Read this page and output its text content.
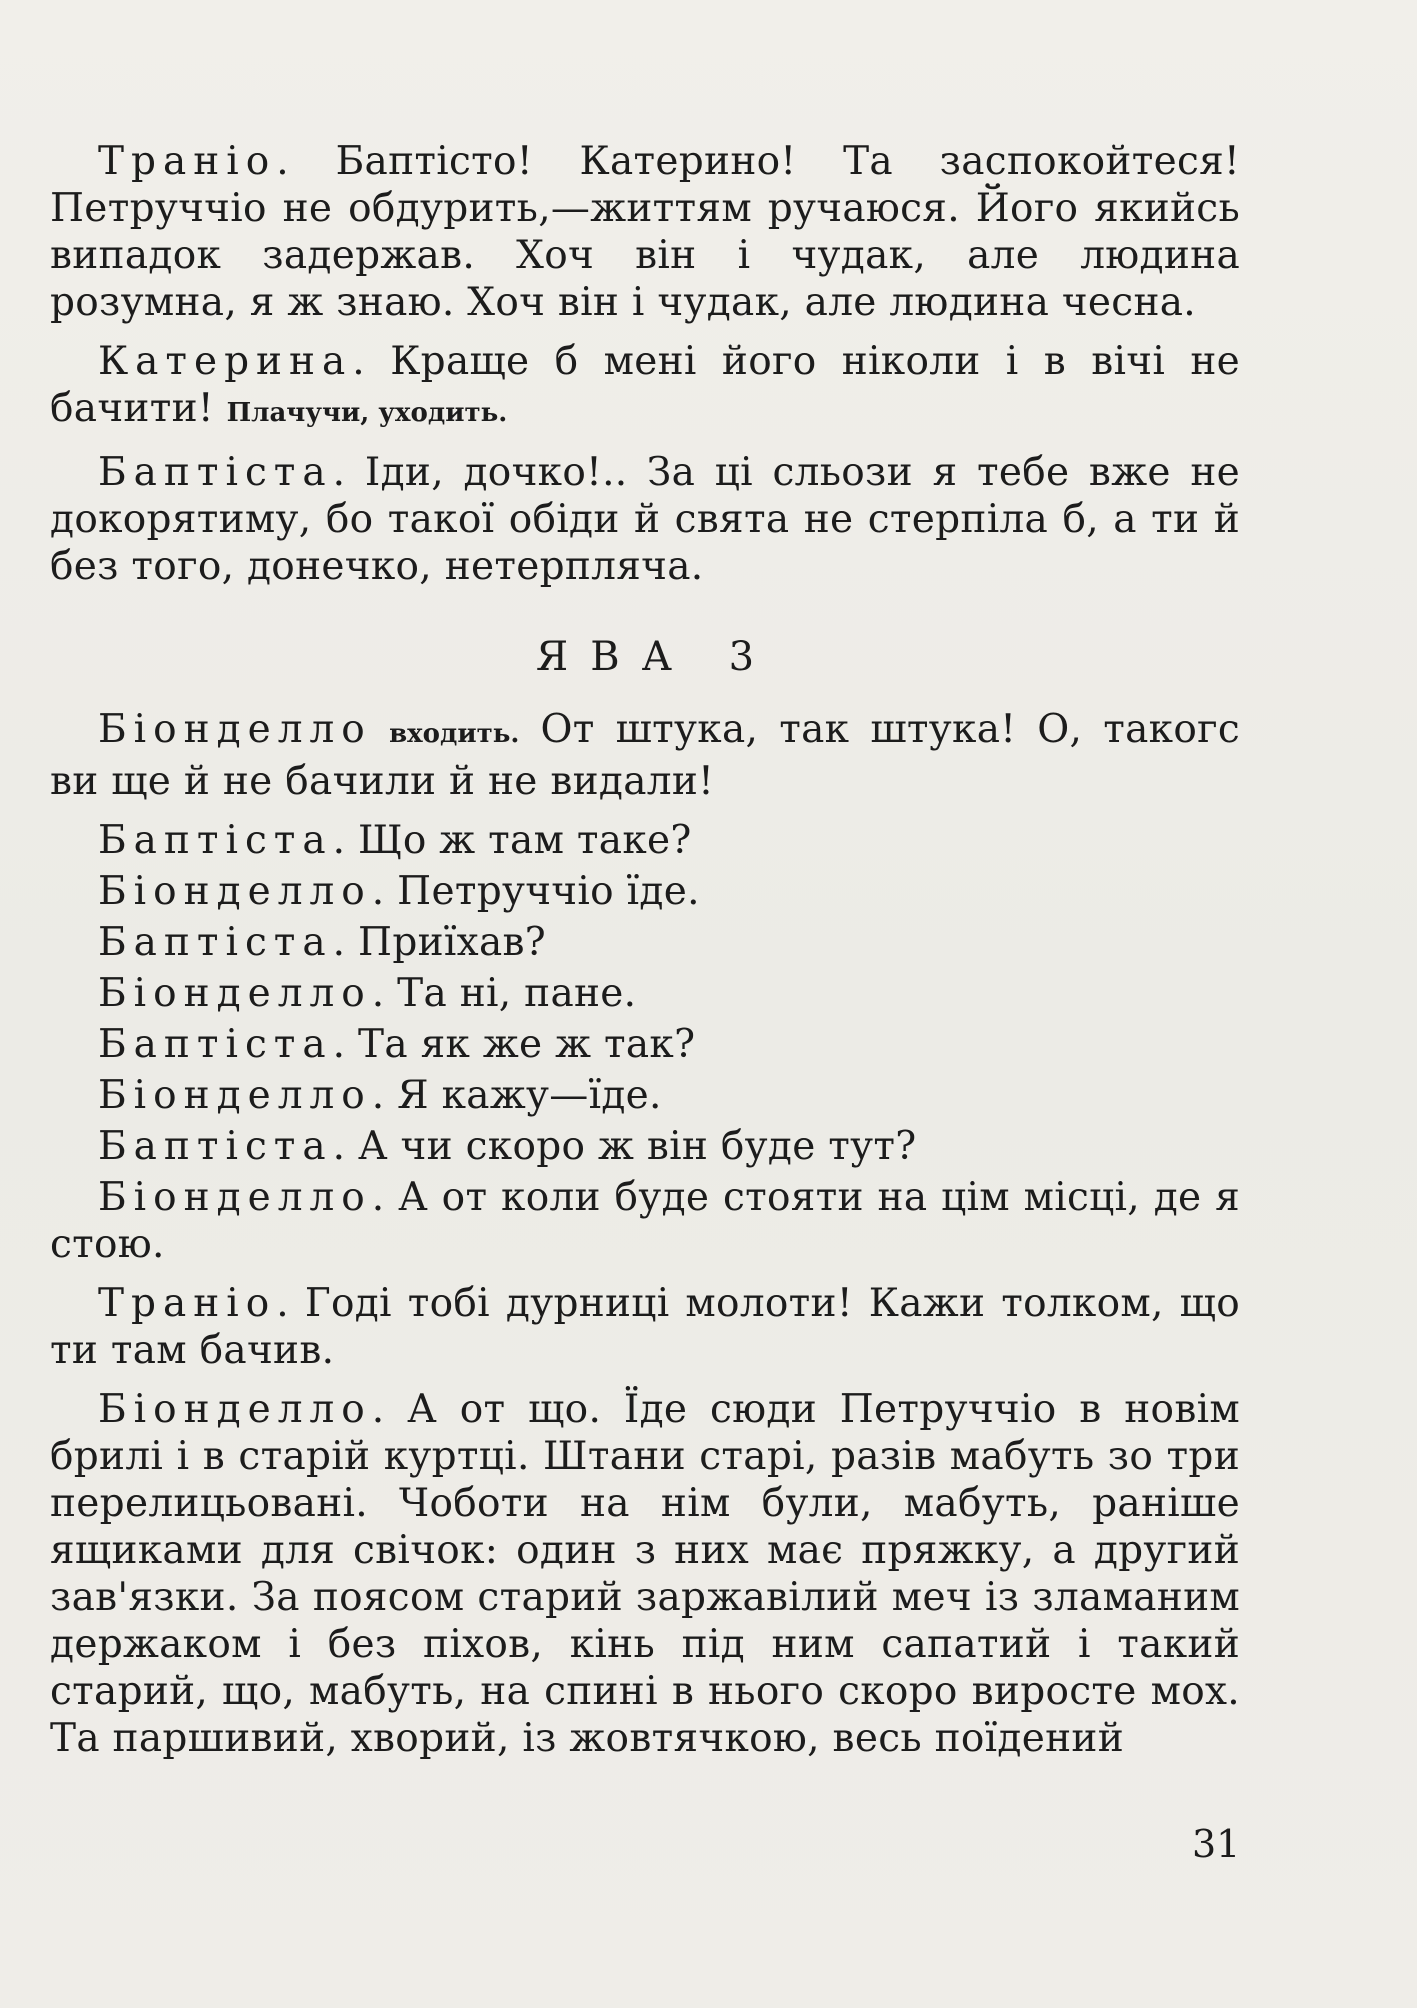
Траніо. Баптісто! Катерино! Та заспокойтеся! Петруччіо не обдурить,—життям ручаюся. Його якийсь випадок задержав. Хоч він і чудак, але людина розумна, я ж знаю. Хоч він і чудак, але людина чесна.

Катерина. Краще б мені його ніколи і в вічі не бачити! Плачучи, уходить.

Баптіста. Іди, дочко!.. За ці сльози я тебе вже не докорятиму, бо такої обіди й свята не стерпіла б, а ти й без того, донечко, нетерпляча.

ЯВА 3

Біонделло входить. От штука, так штука! О, такогс ви ще й не бачили й не видали!

Баптіста. Що ж там таке?

Біонделло. Петруччіо їде.

Баптіста. Приїхав?

Біонделло. Та ні, пане.

Баптіста. Та як же ж так?

Біонделло. Я кажу—їде.

Баптіста. А чи скоро ж він буде тут?

Біонделло. А от коли буде стояти на цім місці, де я стою.

Траніо. Годі тобі дурниці молоти! Кажи толком, що ти там бачив.

Біонделло. А от що. Їде сюди Петруччіо в новім брилі і в старій куртці. Штани старі, разів мабуть зо три перелицьовані. Чоботи на нім були, мабуть, раніше ящиками для свічок: один з них має пряжку, а другий зав'язки. За поясом старий заржавілий меч із зламаним держаком і без піхов, кінь під ним сапатий і такий старий, що, мабуть, на спині в нього скоро виросте мох. Та паршивий, хворий, із жовтячкою, весь поїдений

31
